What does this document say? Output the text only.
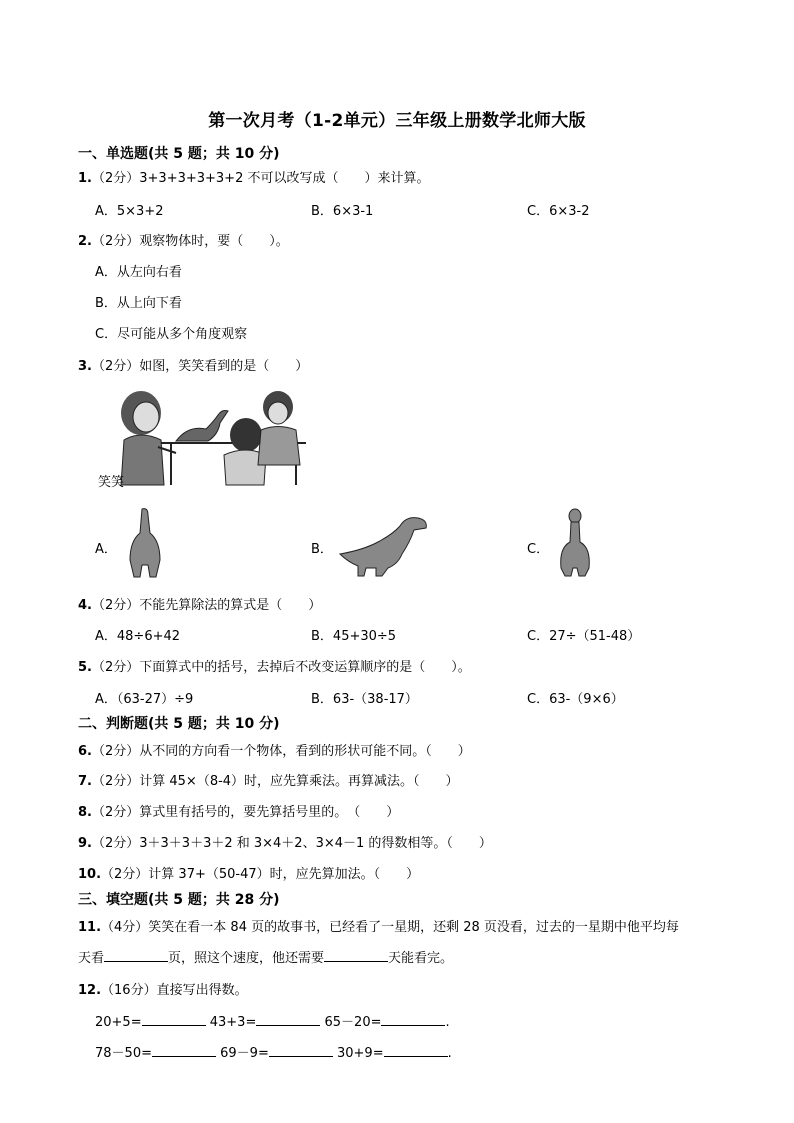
第一次月考（1-2单元）三年级上册数学北师大版
一、单选题(共 5 题；共 10 分)
1.（2分）3+3+3+3+3+2 不可以改写成（　　）来计算。
A．5×3+2	B．6×3-1	C．6×3-2
2.（2分）观察物体时，要（　　）。
A．从左向右看
B．从上向下看
C．尽可能从多个角度观察
3.（2分）如图，笑笑看到的是（　　）
笑笑
A．	B．	C．
4.（2分）不能先算除法的算式是（　　）
A．48÷6+42	B．45+30÷5	C．27÷（51-48）
5.（2分）下面算式中的括号，去掉后不改变运算顺序的是（　　）。
A．（63-27）÷9	B．63-（38-17）	C．63-（9×6）
二、判断题(共 5 题；共 10 分)
6.（2分）从不同的方向看一个物体，看到的形状可能不同。（　　）
7.（2分）计算 45×（8-4）时，应先算乘法。再算减法。（　　）
8.（2分）算式里有括号的，要先算括号里的。　（　　）
9.（2分）3＋3＋3＋3＋2 和 3×4＋2、3×4－1 的得数相等。（　　）
10.（2分）计算 37+（50-47）时，应先算加法。（　　）
三、填空题(共 5 题；共 28 分)
11.（4分）笑笑在看一本 84 页的故事书，已经看了一星期，还剩 28 页没看，过去的一星期中他平均每
天看	页，照这个速度，他还需要	天能看完。
12.（16分）直接写出得数。
20+5=	43+3=	65－20=	.
78－50=	69－9=	30+9=	.
